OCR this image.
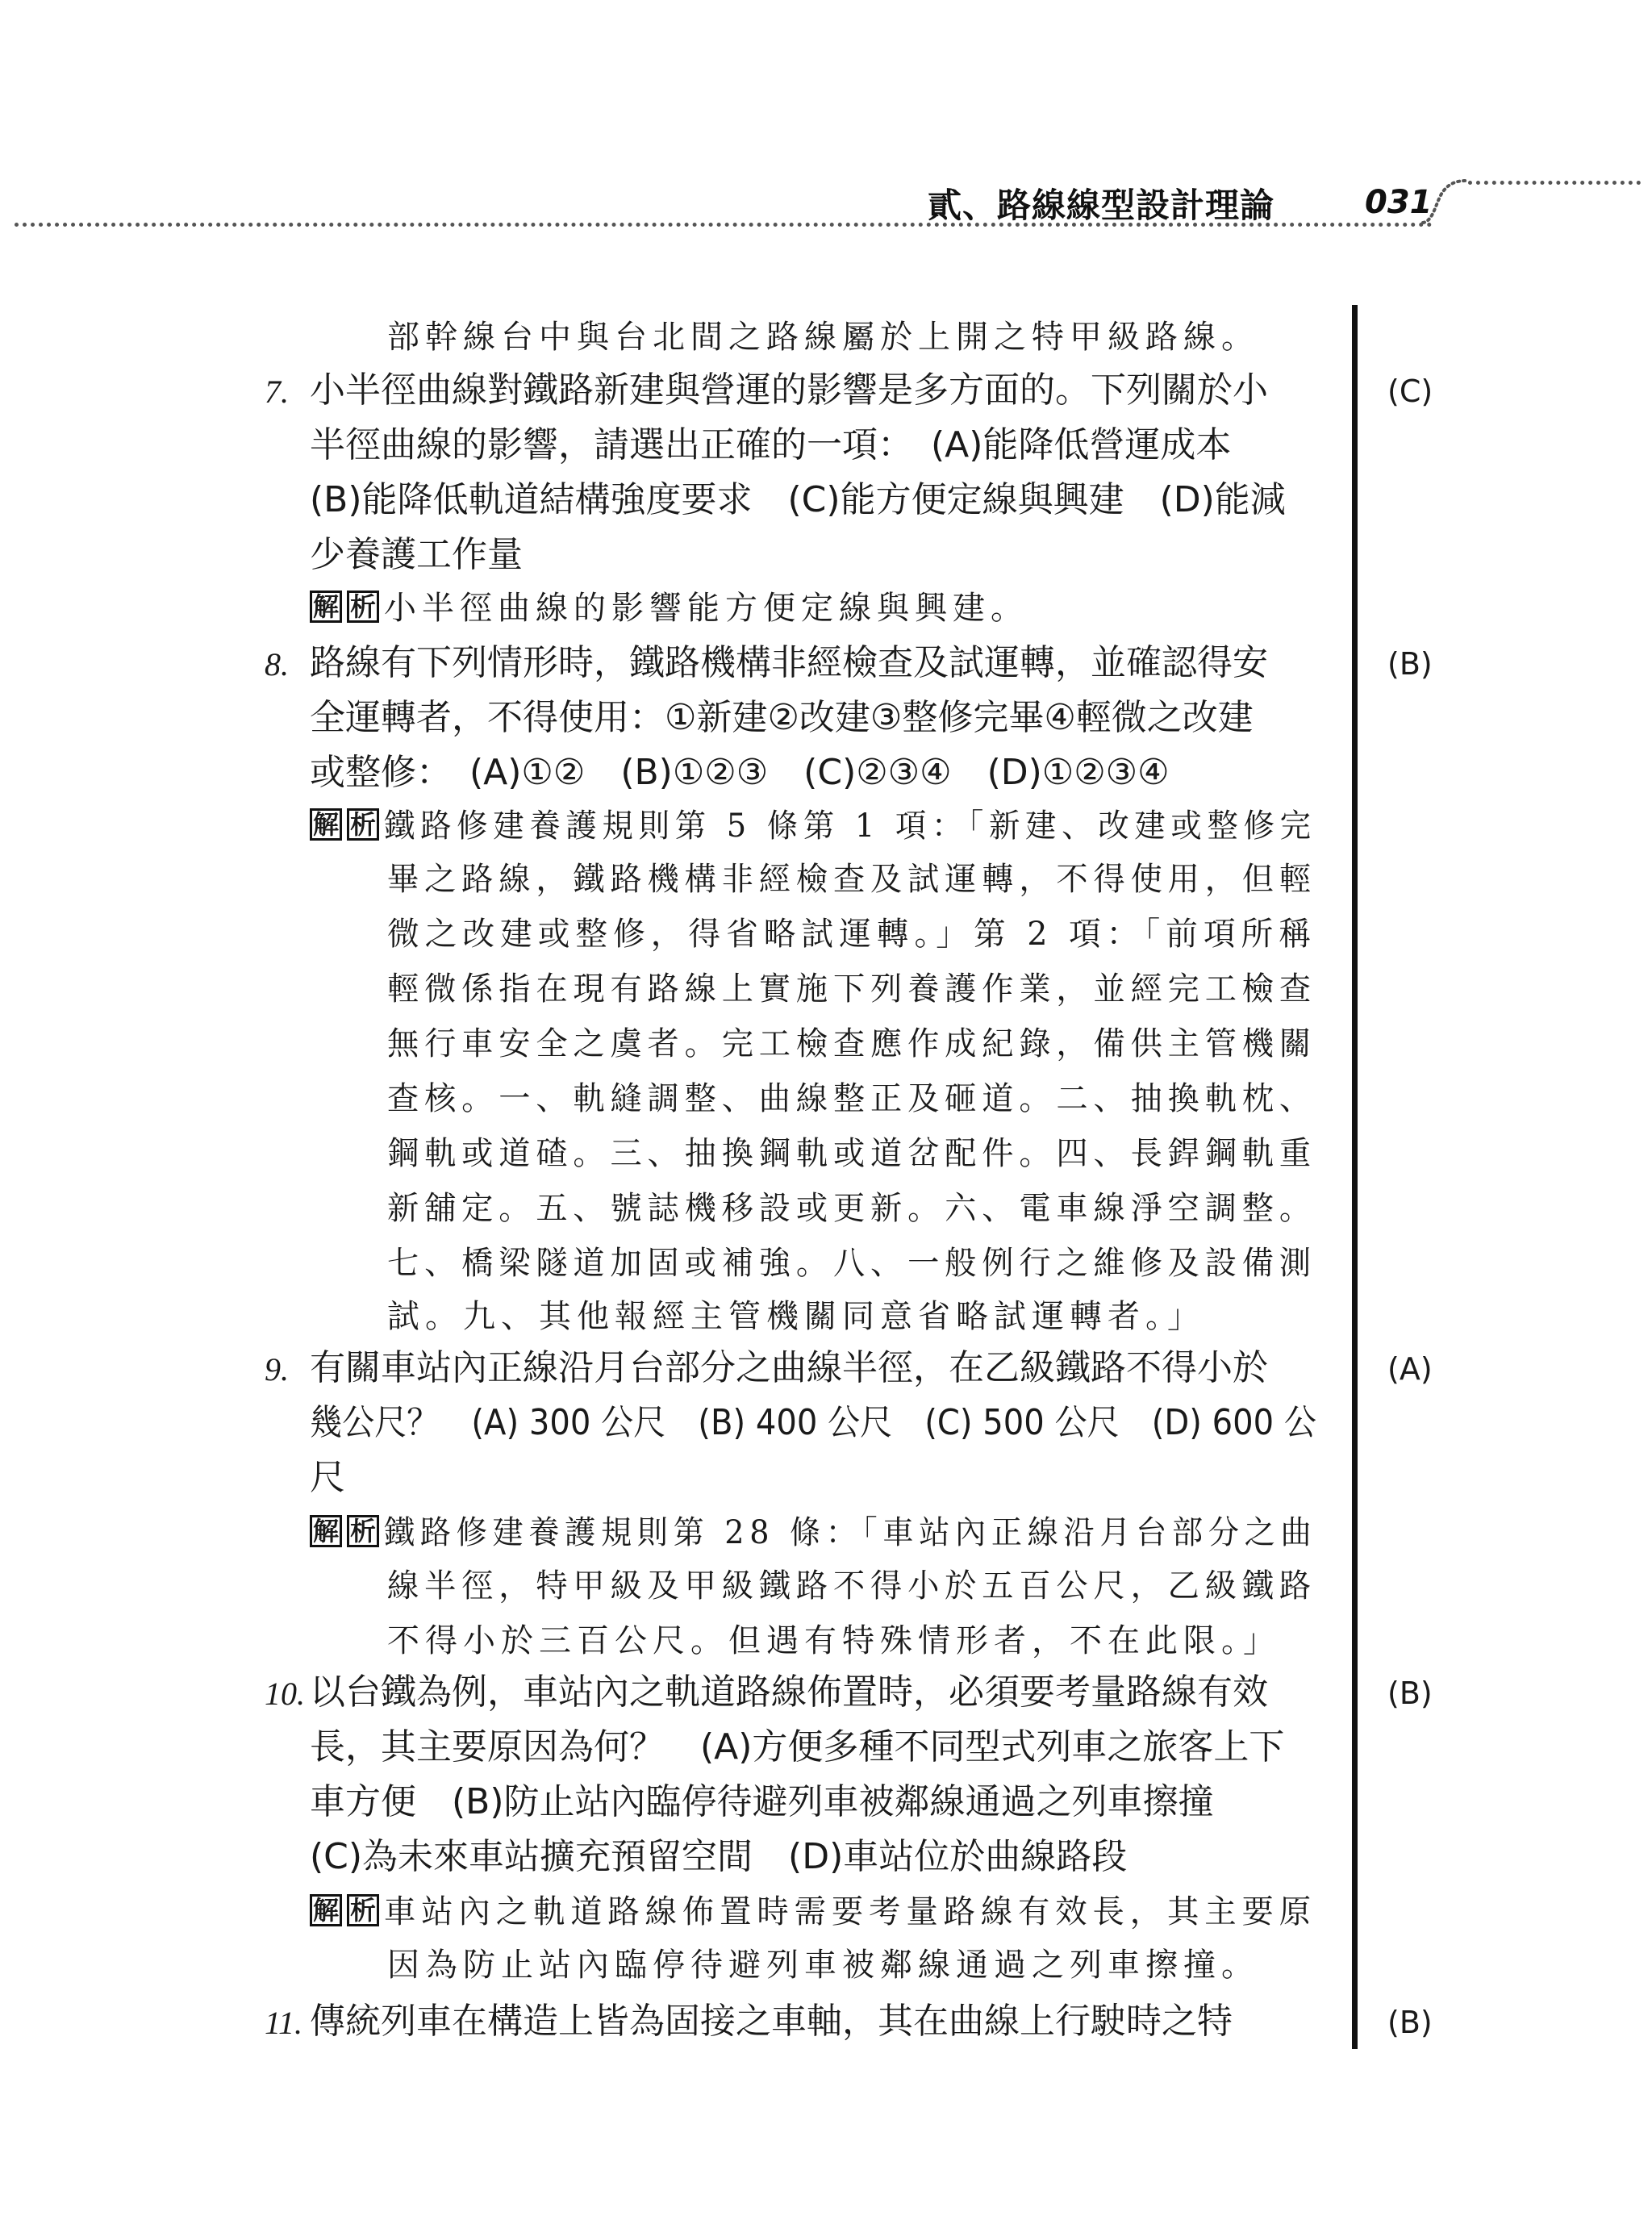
貳、路線線型設計理論	031
部幹線台中與台北間之路線屬於上開之特甲級路線。
7.	(C)
小半徑曲線對鐵路新建與營運的影響是多方面的。下列關於小
半徑曲線的影響，請選出正確的一項：　(A)能降低營運成本
(B)能降低軌道結構強度要求　(C)能方便定線與興建　(D)能減
少養護工作量
解 析 小半徑曲線的影響能方便定線與興建。
8.	(B)
路線有下列情形時，鐵路機構非經檢查及試運轉，並確認得安
全運轉者，不得使用：①新建②改建③整修完畢④輕微之改建
或整修：　(A)①②　(B)①②③　(C)②③④　(D)①②③④
解 析 鐵路修建養護規則第 5 條第 1 項：「新建、改建或整修完
畢之路線，鐵路機構非經檢查及試運轉，不得使用，但輕
微之改建或整修，得省略試運轉。」第 2 項：「前項所稱
輕微係指在現有路線上實施下列養護作業，並經完工檢查
無行車安全之虞者。完工檢查應作成紀錄，備供主管機關
查核。一、軌縫調整、曲線整正及砸道。二、抽換軌枕、
鋼軌或道碴。三、抽換鋼軌或道岔配件。四、長銲鋼軌重
新舖定。五、號誌機移設或更新。六、電車線淨空調整。
七、橋梁隧道加固或補強。八、一般例行之維修及設備測
試。九、其他報經主管機關同意省略試運轉者。」
9.	(A)
有關車站內正線沿月台部分之曲線半徑，在乙級鐵路不得小於
幾公尺？　(A) 300 公尺　(B) 400 公尺　(C) 500 公尺　(D) 600 公
尺
解 析 鐵路修建養護規則第 28 條：「車站內正線沿月台部分之曲
線半徑，特甲級及甲級鐵路不得小於五百公尺，乙級鐵路
不得小於三百公尺。但遇有特殊情形者，不在此限。」
10.	(B)
以台鐵為例，車站內之軌道路線佈置時，必須要考量路線有效
長，其主要原因為何？　(A)方便多種不同型式列車之旅客上下
車方便　(B)防止站內臨停待避列車被鄰線通過之列車擦撞
(C)為未來車站擴充預留空間　(D)車站位於曲線路段
解 析 車站內之軌道路線佈置時需要考量路線有效長，其主要原
因為防止站內臨停待避列車被鄰線通過之列車擦撞。
11.	(B)
傳統列車在構造上皆為固接之車軸，其在曲線上行駛時之特
